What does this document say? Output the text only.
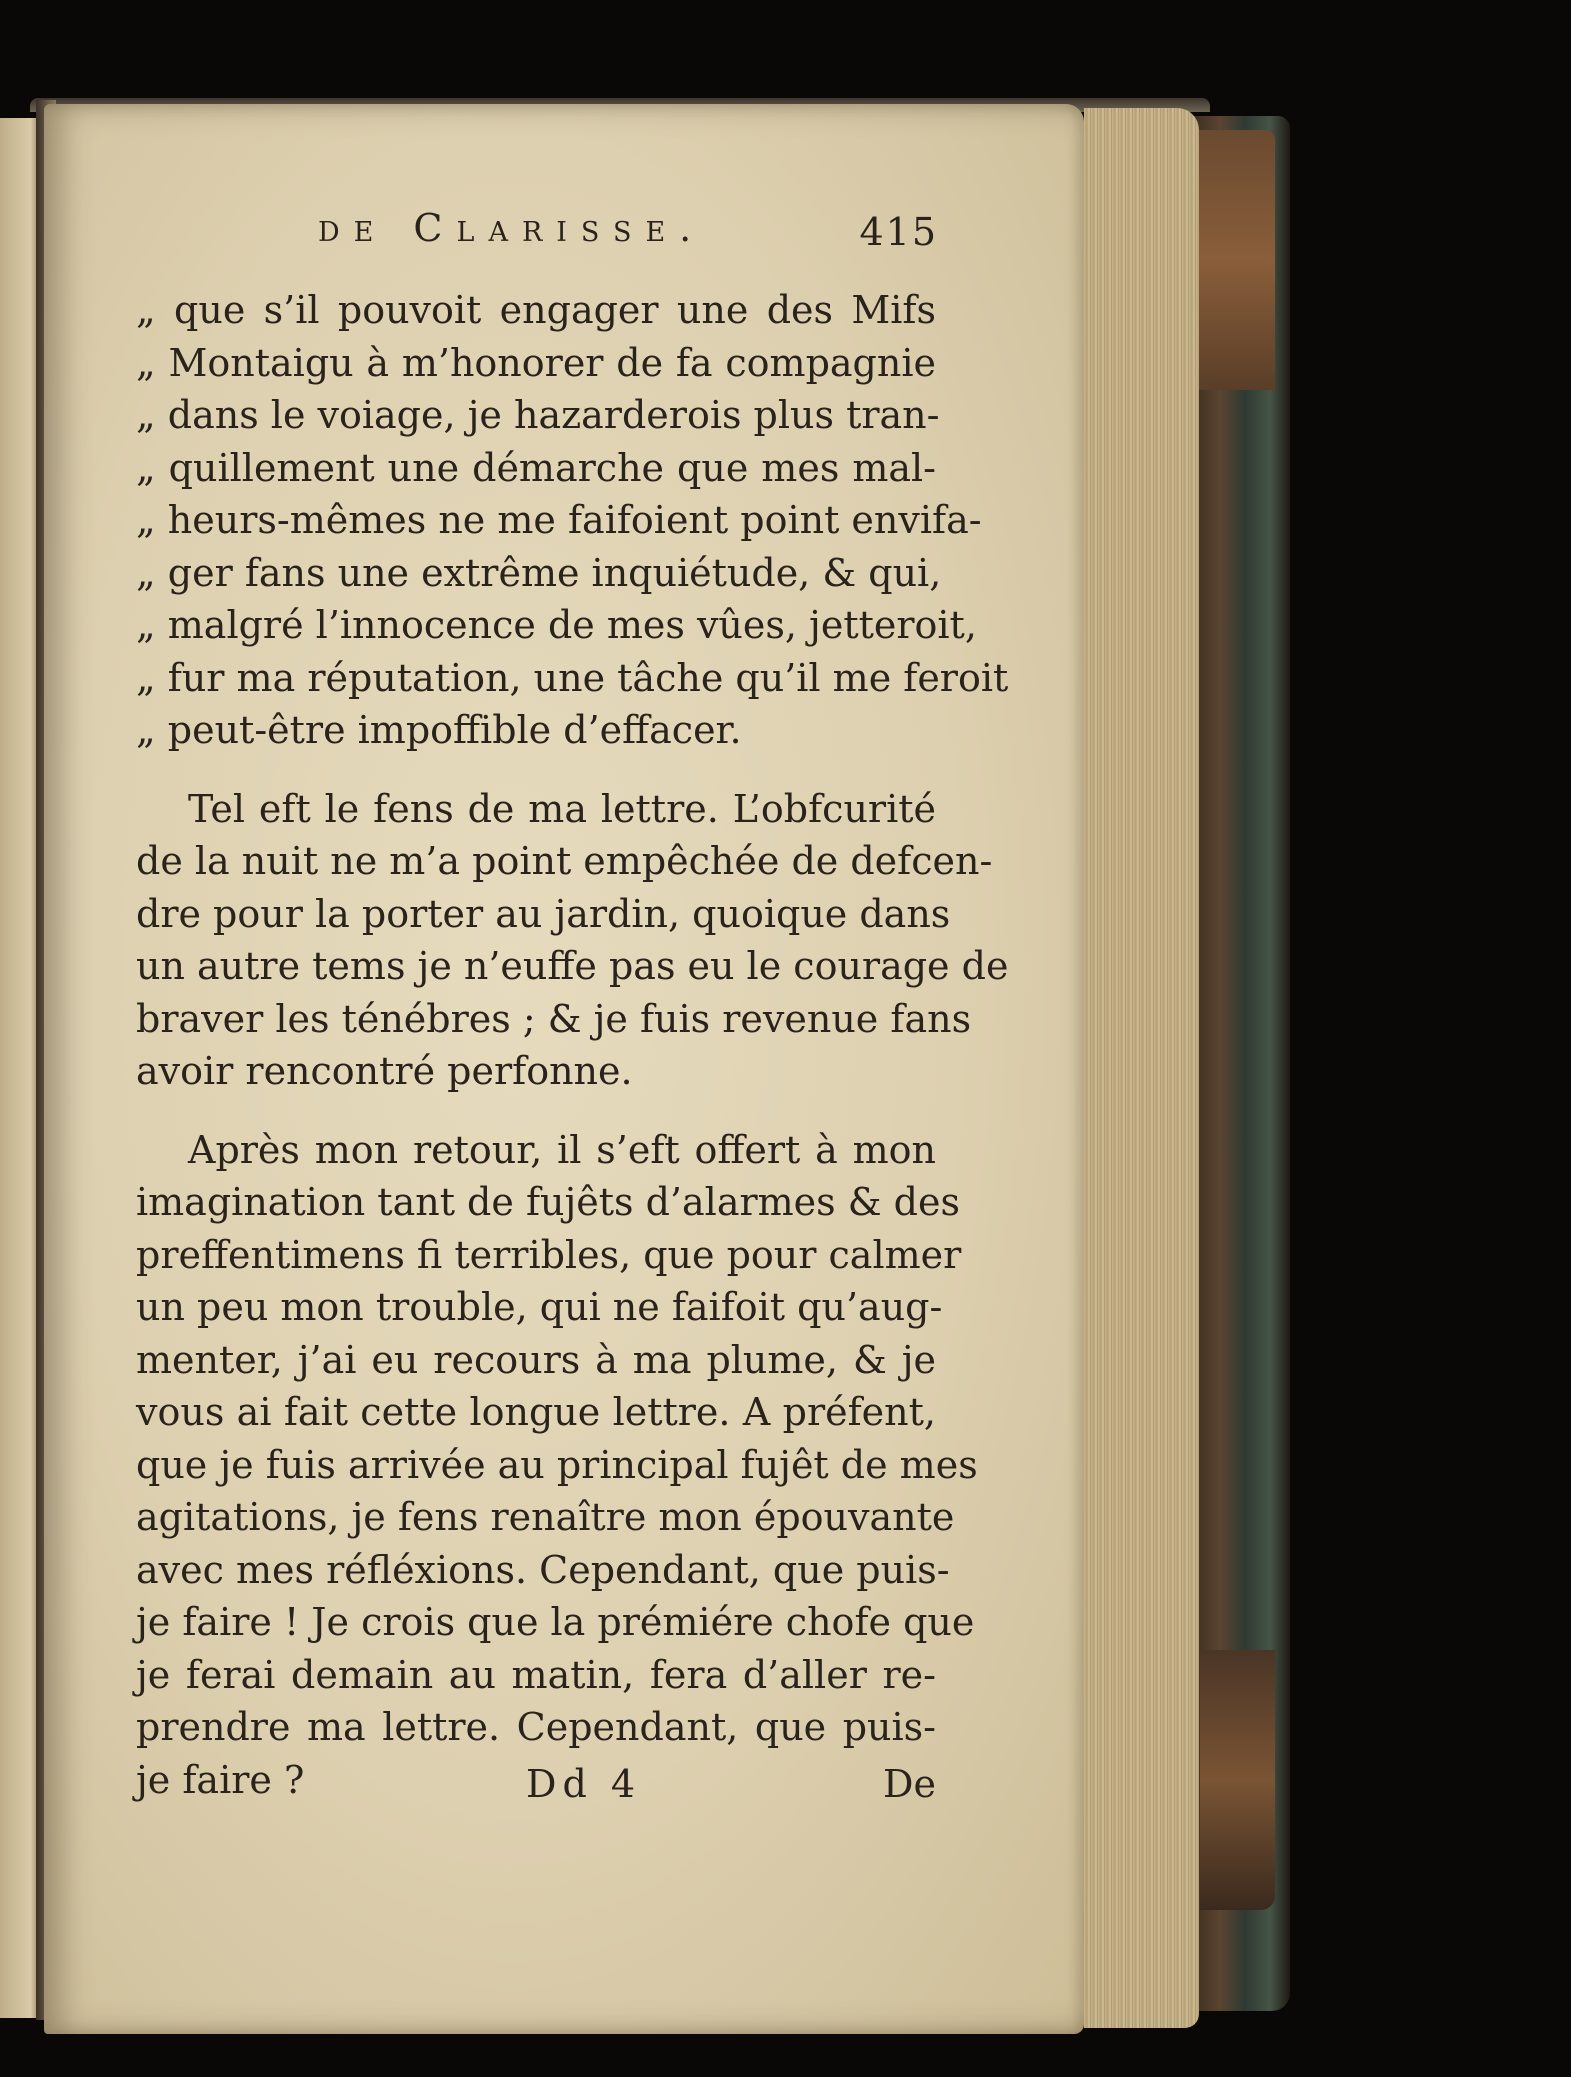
de Clarisse.	415
„ que s’il pouvoit engager une des Mifs
„ Montaigu à m’honorer de fa compagnie
„ dans le voiage, je hazarderois plus tran-
„ quillement une démarche que mes mal-
„ heurs-mêmes ne me faifoient point envifa-
„ ger fans une extrême inquiétude, & qui,
„ malgré l’innocence de mes vûes, jetteroit,
„ fur ma réputation, une tâche qu’il me feroit
„ peut-être impoffible d’effacer.
Tel eft le fens de ma lettre. L’obfcurité
de la nuit ne m’a point empêchée de defcen-
dre pour la porter au jardin, quoique dans
un autre tems je n’euffe pas eu le courage de
braver les ténébres ; & je fuis revenue fans
avoir rencontré perfonne.
Après mon retour, il s’eft offert à mon
imagination tant de fujêts d’alarmes & des
preffentimens fi terribles, que pour calmer
un peu mon trouble, qui ne faifoit qu’aug-
menter, j’ai eu recours à ma plume, & je
vous ai fait cette longue lettre. A préfent,
que je fuis arrivée au principal fujêt de mes
agitations, je fens renaître mon épouvante
avec mes réfléxions. Cependant, que puis-
je faire ! Je crois que la prémiére chofe que
je ferai demain au matin, fera d’aller re-
prendre ma lettre. Cependant, que puis-
je faire ?	Dd 4	De
